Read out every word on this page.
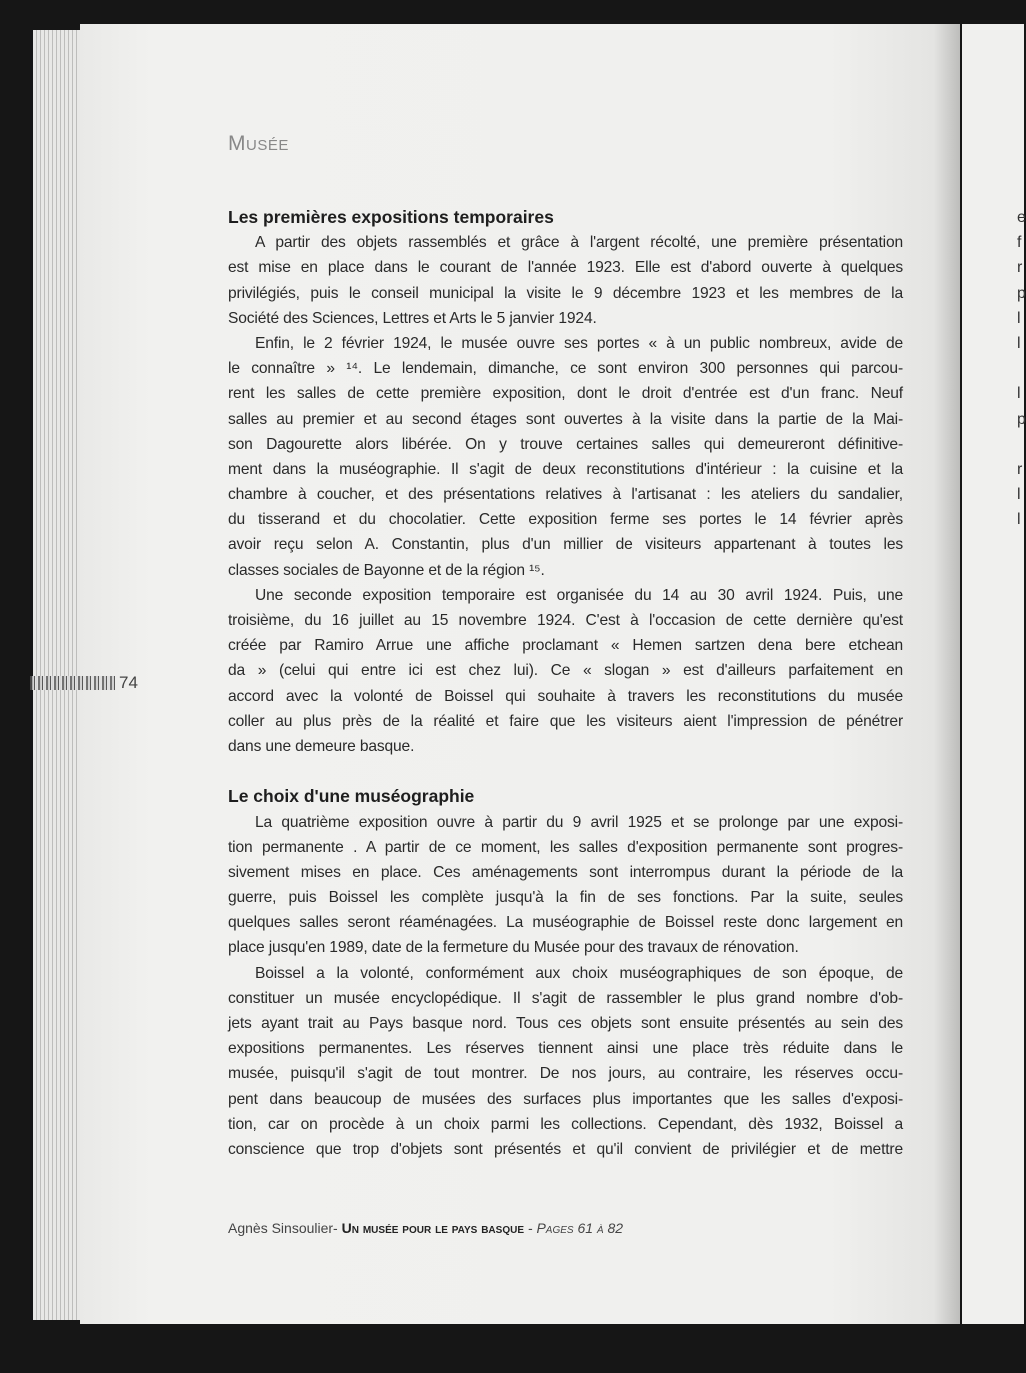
e
f
r
p
l
l
l
p
r
l
l
Musée
74
Les premières expositions temporaires
A partir des objets rassemblés et grâce à l'argent récolté, une première présentation
est mise en place dans le courant de l'année 1923. Elle est d'abord ouverte à quelques
privilégiés, puis le conseil municipal la visite le 9 décembre 1923 et les membres de la
Société des Sciences, Lettres et Arts le 5 janvier 1924.
Enfin, le 2 février 1924, le musée ouvre ses portes « à un public nombreux, avide de
le connaître » ¹⁴. Le lendemain, dimanche, ce sont environ 300 personnes qui parcou-
rent les salles de cette première exposition, dont le droit d'entrée est d'un franc. Neuf
salles au premier et au second étages sont ouvertes à la visite dans la partie de la Mai-
son Dagourette alors libérée. On y trouve certaines salles qui demeureront définitive-
ment dans la muséographie. Il s'agit de deux reconstitutions d'intérieur : la cuisine et la
chambre à coucher, et des présentations relatives à l'artisanat : les ateliers du sandalier,
du tisserand et du chocolatier. Cette exposition ferme ses portes le 14 février après
avoir reçu selon A. Constantin, plus d'un millier de visiteurs appartenant à toutes les
classes sociales de Bayonne et de la région ¹⁵.
Une seconde exposition temporaire est organisée du 14 au 30 avril 1924. Puis, une
troisième, du 16 juillet au 15 novembre 1924. C'est à l'occasion de cette dernière qu'est
créée par Ramiro Arrue une affiche proclamant « Hemen sartzen dena bere etchean
da » (celui qui entre ici est chez lui). Ce « slogan » est d'ailleurs parfaitement en
accord avec la volonté de Boissel qui souhaite à travers les reconstitutions du musée
coller au plus près de la réalité et faire que les visiteurs aient l'impression de pénétrer
dans une demeure basque.
Le choix d'une muséographie
La quatrième exposition ouvre à partir du 9 avril 1925 et se prolonge par une exposi-
tion permanente . A partir de ce moment, les salles d'exposition permanente sont progres-
sivement mises en place. Ces aménagements sont interrompus durant la période de la
guerre, puis Boissel les complète jusqu'à la fin de ses fonctions. Par la suite, seules
quelques salles seront réaménagées. La muséographie de Boissel reste donc largement en
place jusqu'en 1989, date de la fermeture du Musée pour des travaux de rénovation.
Boissel a la volonté, conformément aux choix muséographiques de son époque, de
constituer un musée encyclopédique. Il s'agit de rassembler le plus grand nombre d'ob-
jets ayant trait au Pays basque nord. Tous ces objets sont ensuite présentés au sein des
expositions permanentes. Les réserves tiennent ainsi une place très réduite dans le
musée, puisqu'il s'agit de tout montrer. De nos jours, au contraire, les réserves occu-
pent dans beaucoup de musées des surfaces plus importantes que les salles d'exposi-
tion, car on procède à un choix parmi les collections. Cependant, dès 1932, Boissel a
conscience que trop d'objets sont présentés et qu'il convient de privilégier et de mettre
Agnès Sinsoulier- Un musée pour le pays basque - Pages 61 à 82
